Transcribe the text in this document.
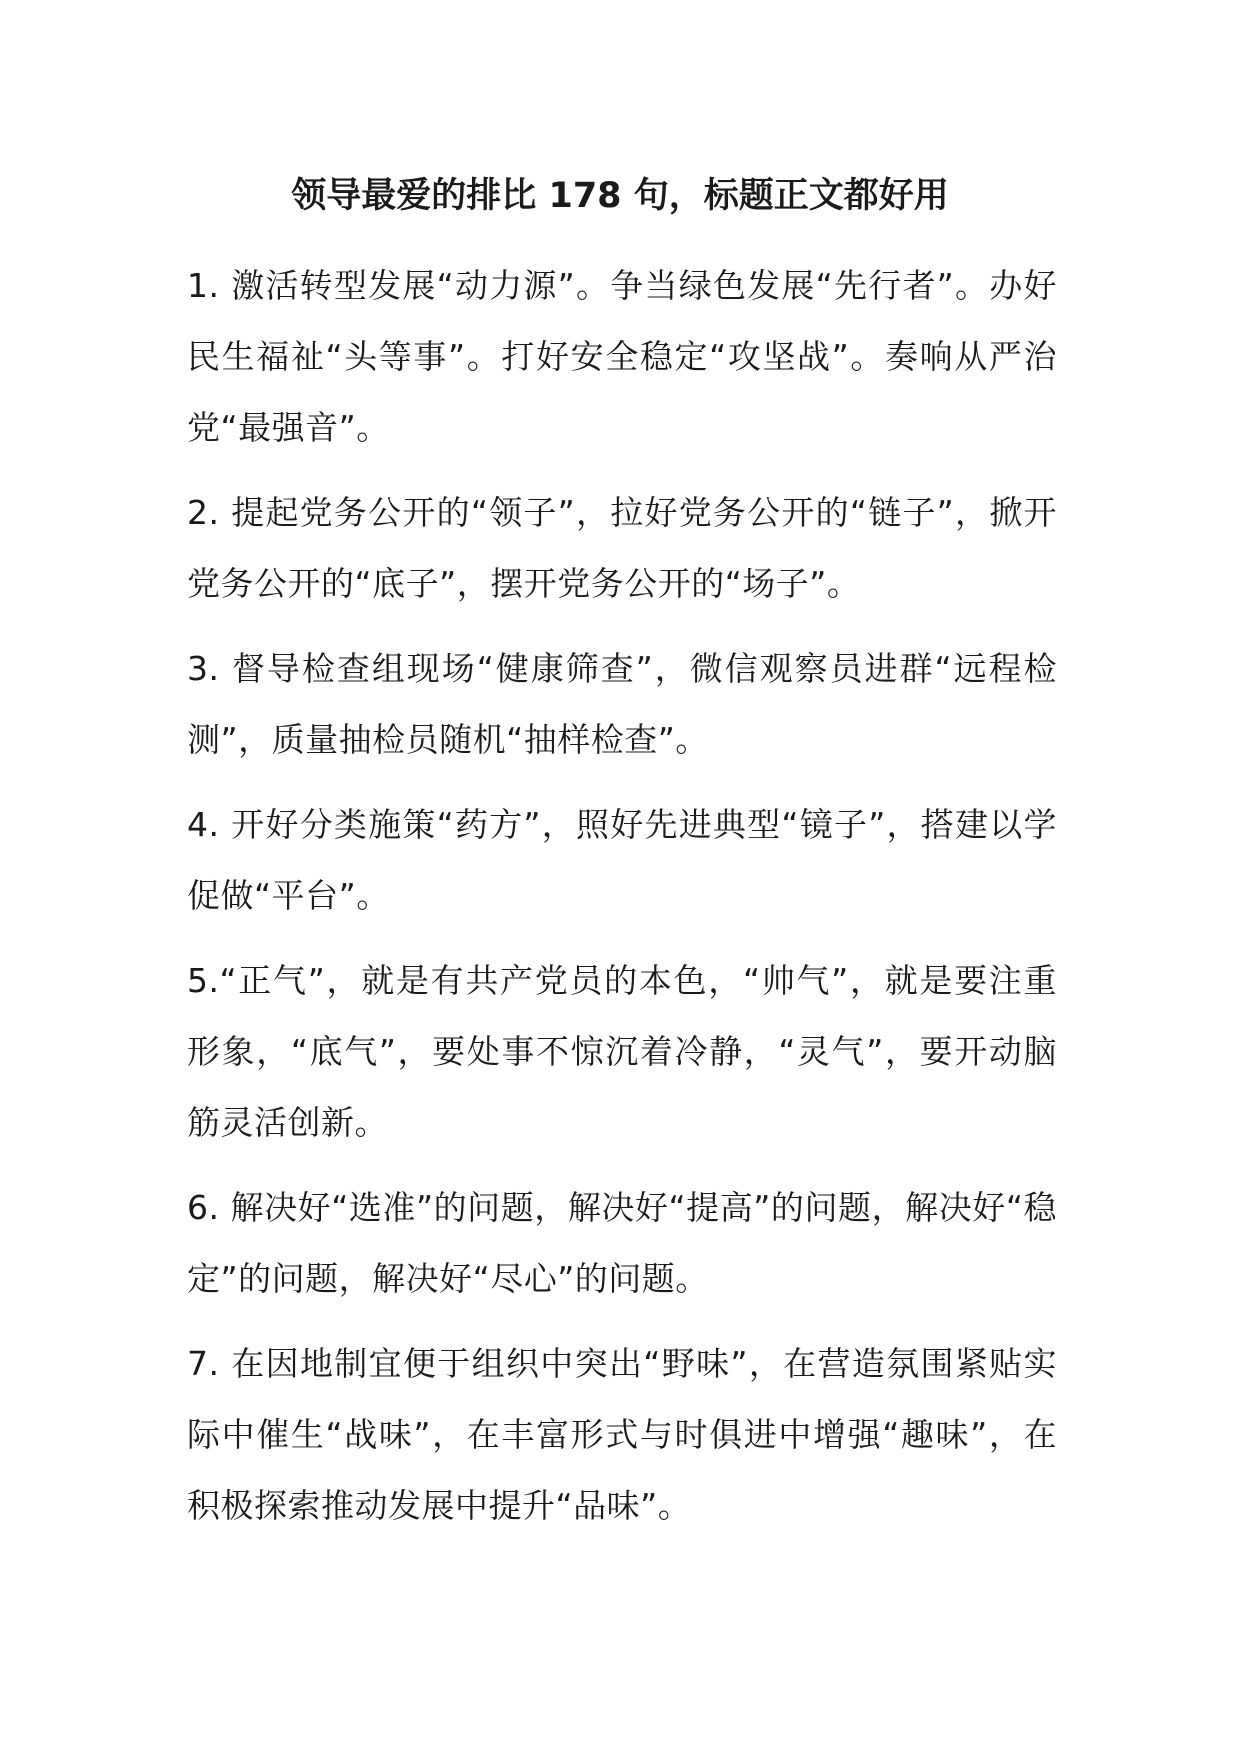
领导最爱的排比 178 句，标题正文都好用

1. 激活转型发展“动力源”。争当绿色发展“先行者”。办好民生福祉“头等事”。打好安全稳定“攻坚战”。奏响从严治党“最强音”。

2. 提起党务公开的“领子”，拉好党务公开的“链子”，掀开党务公开的“底子”，摆开党务公开的“场子”。

3. 督导检查组现场“健康筛查”，微信观察员进群“远程检测”，质量抽检员随机“抽样检查”。

4. 开好分类施策“药方”，照好先进典型“镜子”，搭建以学促做“平台”。

5.“正气”，就是有共产党员的本色，“帅气”，就是要注重形象，“底气”，要处事不惊沉着冷静，“灵气”，要开动脑筋灵活创新。

6. 解决好“选准”的问题，解决好“提高”的问题，解决好“稳定”的问题，解决好“尽心”的问题。

7. 在因地制宜便于组织中突出“野味”，在营造氛围紧贴实际中催生“战味”，在丰富形式与时俱进中增强“趣味”，在积极探索推动发展中提升“品味”。
